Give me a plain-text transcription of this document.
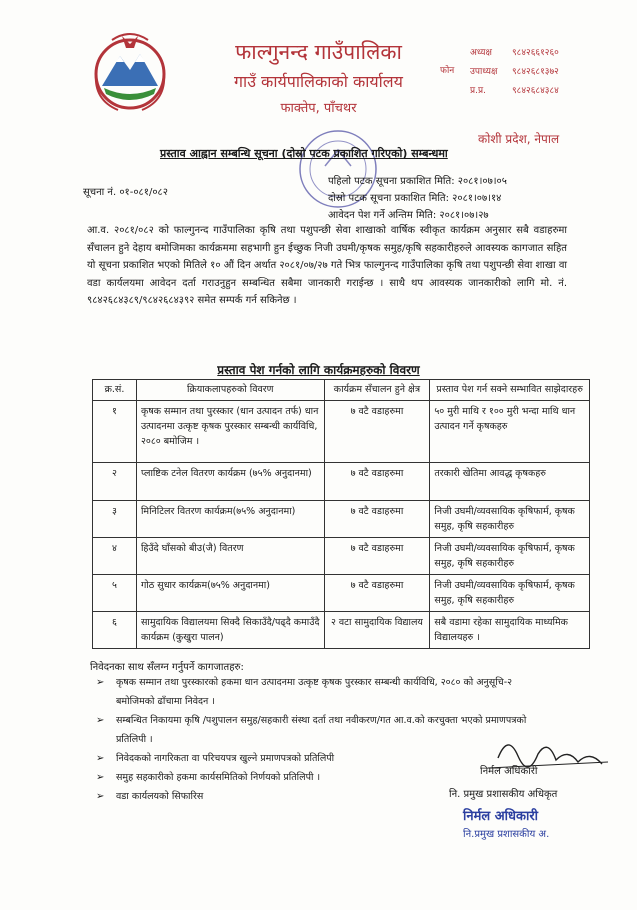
फाल्गुनन्द गाउँपालिका
गाउँ कार्यपालिकाको कार्यालय
फाक्तेप, पाँचथर
फोन
अध्यक्ष ९८४२६६१२६०
उपाध्यक्ष ९८४२६८१३७२
प्र.प्र.	९८४२६८४३८४
कोशी प्रदेश, नेपाल
प्रस्ताव आह्वान सम्बन्धि सूचना (दोस्रो पटक प्रकाशित गरिएको) सम्बन्धमा
सूचना नं. ०१-०८१/०८२
पहिलो पटक सूचना प्रकाशित मिति: २०८१।०७।०५
दोस्रो पटक सूचना प्रकाशित मिति: २०८१।०७।१४
आवेदन पेश गर्ने अन्तिम मिति: २०८१।०७।२७
आ.व. २०८१/०८२ को फाल्गुनन्द गाउँपालिका कृषि तथा पशुपन्छी सेवा शाखाको वार्षिक स्वीकृत कार्यक्रम अनुसार सबै वडाहरुमा सँचालन हुने देहाय बमोजिमका कार्यक्रममा सहभागी हुन ईच्छुक निजी उघमी/कृषक समुह/कृषि सहकारीहरुले आवस्यक कागजात सहित यो सूचना प्रकाशित भएको मितिले १० औं दिन अर्थात २०८१/०७/२७ गते भित्र फाल्गुनन्द गाउँपालिका कृषि तथा पशुपन्छी सेवा शाखा वा वडा कार्यलयमा आवेदन दर्ता गराउनुहुन सम्बन्धित सबैमा जानकारी गराईन्छ । साथै थप आवस्यक जानकारीको लागि मो. नं. ९८४२६८४३८९/९८४२६८४३९२ समेत सम्पर्क गर्न सकिनेछ ।
प्रस्ताव पेश गर्नको लागि कार्यक्रमहरुको विवरण
क्र.सं.	क्रियाकलापहरुको विवरण	कार्यक्रम सँचालन हुने क्षेत्र	प्रस्ताव पेश गर्न सक्ने सम्भावित साझेदारहरु
१	कृषक सम्मान तथा पुरस्कार (धान उत्पादन तर्फ) धान उत्पादनमा उत्कृष्ट कृषक पुरस्कार सम्बन्धी कार्यविधि, २०८० बमोजिम ।	७ वटै वडाहरुमा	५० मुरी माथि र १०० मुरी भन्दा माथि धान उत्पादन गर्ने कृषकहरु
२	प्लाष्टिक टनेल वितरण कार्यक्रम (७५% अनुदानमा)	७ वटै वडाहरुमा	तरकारी खेतिमा आवद्ध कृषकहरु
३	मिनिटिलर वितरण कार्यक्रम(७५% अनुदानमा)	७ वटै वडाहरुमा	निजी उघमी/व्यवसायिक कृषिफार्म, कृषक समुह, कृषि सहकारीहरु
४	हिउँदे घाँसको बीउ(जै) वितरण	७ वटै वडाहरुमा	निजी उघमी/व्यवसायिक कृषिफार्म, कृषक समुह, कृषि सहकारीहरु
५	गोठ सुधार कार्यक्रम(७५% अनुदानमा)	७ वटै वडाहरुमा	निजी उघमी/व्यवसायिक कृषिफार्म, कृषक समुह, कृषि सहकारीहरु
६	सामुदायिक विद्यालयमा सिक्दै सिकाउँदै/पढ्दै कमाउँदै कार्यक्रम (कुखुरा पालन)	२ वटा सामुदायिक विद्यालय	सबै वडामा रहेका सामुदायिक माध्यमिक विद्यालयहरु ।
निवेदनका साथ सँलग्न गर्नुपर्ने कागजातहरु:
➢ कृषक सम्मान तथा पुरस्कारको हकमा धान उत्पादनमा उत्कृष्ट कृषक पुरस्कार सम्बन्धी कार्यविधि, २०८० को अनुसूचि-२ बमोजिमको ढाँचामा निवेदन ।
➢ सम्बन्धित निकायमा कृषि /पशुपालन समुह/सहकारी संस्था दर्ता तथा नवीकरण/गत आ.व.को करचुक्ता भएको प्रमाणपत्रको प्रतिलिपी ।
➢ निवेदकको नागरिकता वा परिचयपत्र खुल्ने प्रमाणपत्रको प्रतिलिपी
➢ समुह सहकारीको हकमा कार्यसमितिको निर्णयको प्रतिलिपी ।
➢ वडा कार्यलयको सिफारिस
निर्मल अधिकारी
नि. प्रमुख प्रशासकीय अधिकृत
निर्मल अधिकारी
नि.प्रमुख प्रशासकीय अ.
